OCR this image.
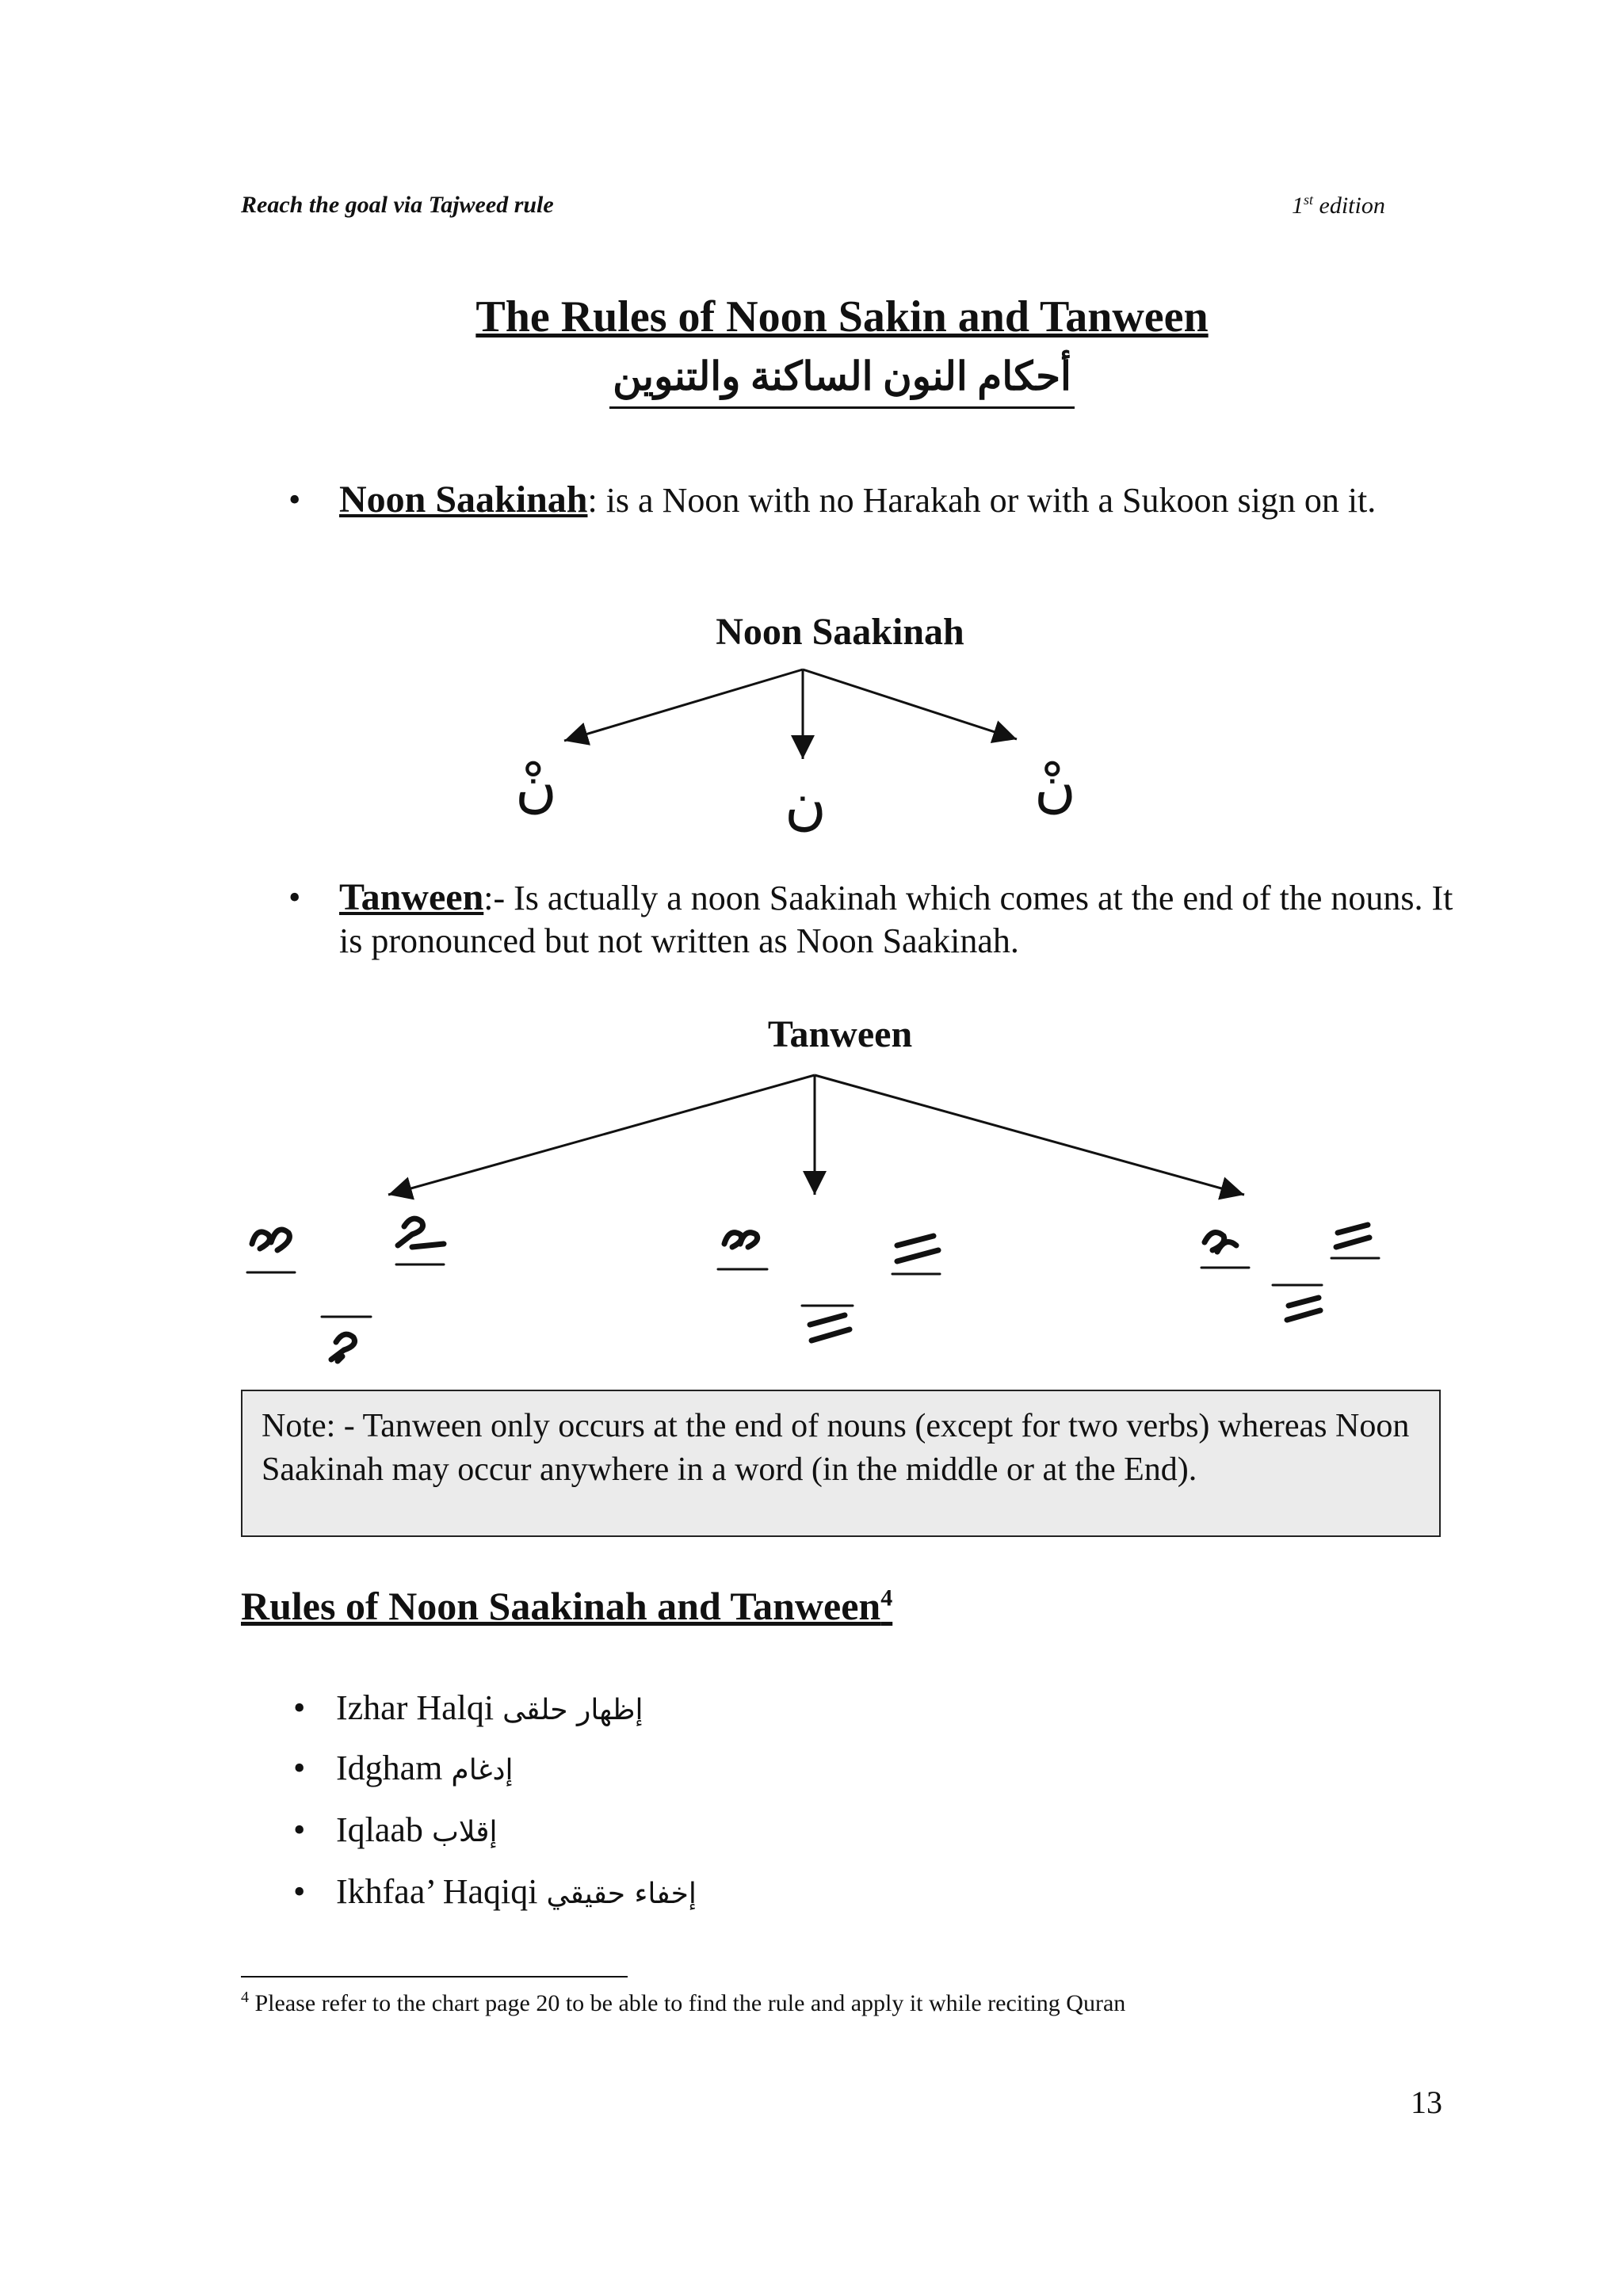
Reach the goal via Tajweed rule	1st edition
The Rules of Noon Sakin and Tanween
أحكام النون الساكنة والتنوين
• Noon Saakinah: is a Noon with no Harakah or with a Sukoon sign on it.
Noon Saakinah
نْ	ن	نْ
• Tanween:- Is actually a noon Saakinah which comes at the end of the nouns. It is pronounced but not written as Noon Saakinah.
Tanween
Note: - Tanween only occurs at the end of nouns (except for two verbs) whereas Noon Saakinah may occur anywhere in a word (in the middle or at the End).
Rules of Noon Saakinah and Tanween$^4$
• Izhar Halqi إظهار حلقى
• Idgham إدغام
• Iqlaab إقلاب
• Ikhfaa’ Haqiqi إخفاء حقيقي
$^4$ Please refer to the chart page 20 to be able to find the rule and apply it while reciting Quran
13
